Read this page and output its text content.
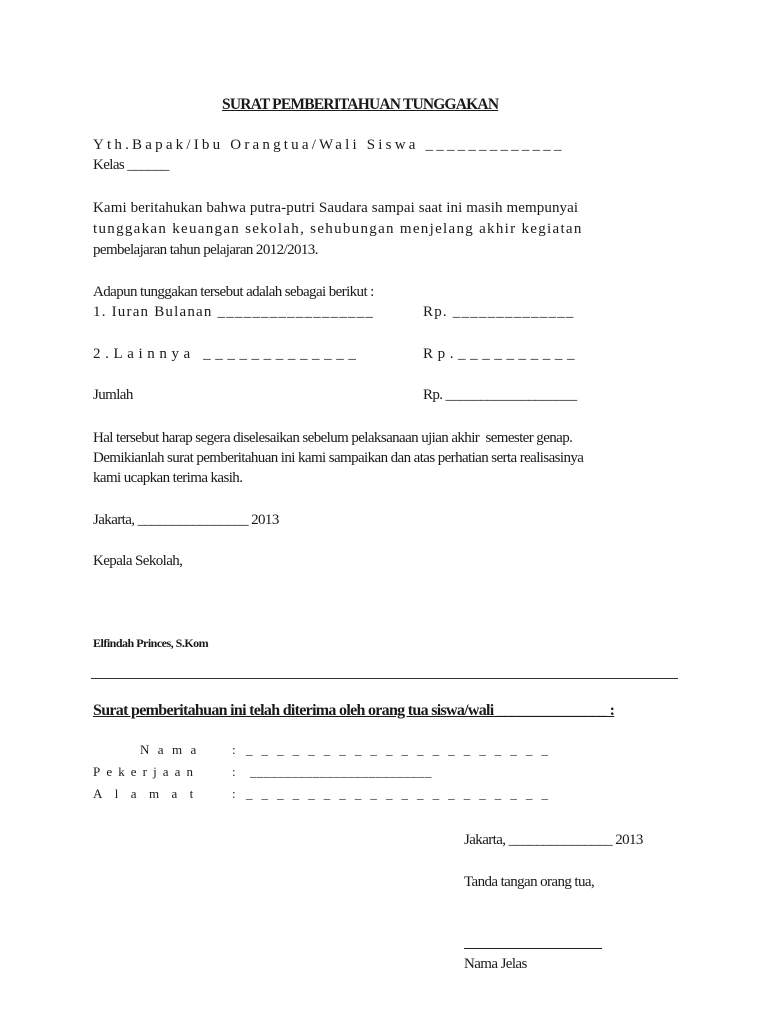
SURAT PEMBERITAHUAN TUNGGAKAN
Yth.Bapak/Ibu Orangtua/Wali Siswa _____________
Kelas ______
Kami beritahukan bahwa putra-putri Saudara sampai saat ini masih mempunyai
tunggakan keuangan sekolah, sehubungan menjelang akhir kegiatan
pembelajaran tahun pelajaran 2012/2013.
Adapun tunggakan tersebut adalah sebagai berikut :
1. Iuran Bulanan __________________	Rp. ______________
2.Lainnya _____________	Rp.__________
Jumlah	Rp. ___________________
Hal tersebut harap segera diselesaikan sebelum pelaksanaan ujian akhir  semester genap.
Demikianlah surat pemberitahuan ini kami sampaikan dan atas perhatian serta realisasinya
kami ucapkan terima kasih.
Jakarta, ________________ 2013
Kepala Sekolah,
Elfindah Princes, S.Kom
Surat pemberitahuan ini telah diterima oleh orang tua siswa/wali _______________ :
Nama : _ _ _ _ _ _ _ _ _ _ _ _ _ _ _ _ _ _ _ _
Pekerjaan	: __________________________
Alamat : _ _ _ _ _ _ _ _ _ _ _ _ _ _ _ _ _ _ _ _
Jakarta, _______________ 2013
Tanda tangan orang tua,
Nama Jelas
